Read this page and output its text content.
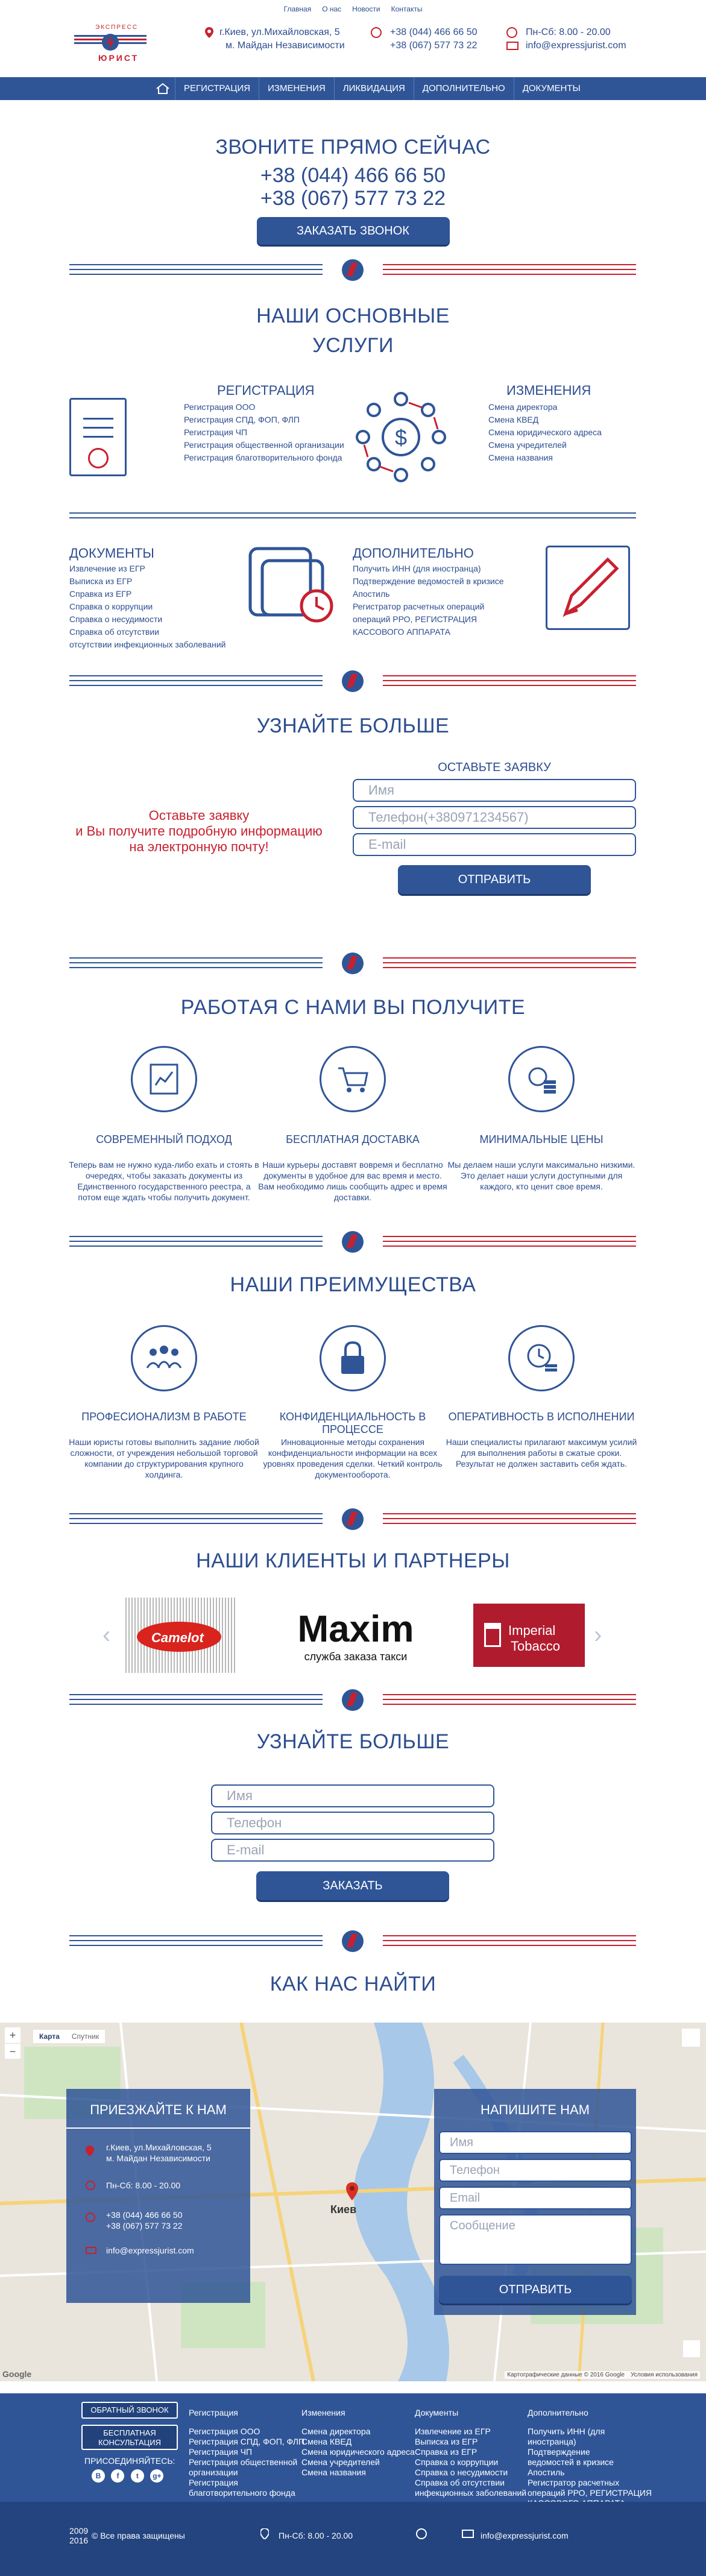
Главная О нас Новости Контакты
ЭКСПРЕСС
ЮРИСТ
г.Киев, ул.Михайловская, 5
м. Майдан Независимости
+38 (044) 466 66 50
+38 (067) 577 73 22
Пн-Сб: 8.00 - 20.00
info@expressjurist.com
РЕГИСТРАЦИЯ	ИЗМЕНЕНИЯ	ЛИКВИДАЦИЯ	ДОПОЛНИТЕЛЬНО	ДОКУМЕНТЫ
ЗВОНИТЕ ПРЯМО СЕЙЧАС
+38 (044) 466 66 50
+38 (067) 577 73 22
ЗАКАЗАТЬ ЗВОНОК
НАШИ ОСНОВНЫЕ
УСЛУГИ
РЕГИСТРАЦИЯ
Регистрация ООО
Регистрация СПД, ФОП, ФЛП
Регистрация ЧП
Регистрация общественной организации
Регистрация благотворительного фонда
$
ИЗМЕНЕНИЯ
Смена директора
Смена КВЕД
Смена юридического адреса
Смена учредителей
Смена названия
ДОКУМЕНТЫ
Извлечение из ЕГР
Выписка из ЕГР
Справка из ЕГР
Справка о коррупции
Справка о несудимости
Справка об отсутствии
отсутствии инфекционных заболеваний
ДОПОЛНИТЕЛЬНО
Получить ИНН (для иностранца)
Подтверждение ведомостей в кризисе
Апостиль
Регистратор расчетных операций
операций РРО, РЕГИСТРАЦИЯ
КАССОВОГО АППАРАТА
УЗНАЙТЕ БОЛЬШЕ
Оставьте заявку
и Вы получите подробную информацию
на электронную почту!
ОСТАВЬТЕ ЗАЯВКУ
Имя
Телефон(+380971234567)
E-mail
ОТПРАВИТЬ
РАБОТАЯ С НАМИ ВЫ ПОЛУЧИТЕ
СОВРЕМЕННЫЙ ПОДХОД	БЕСПЛАТНАЯ ДОСТАВКА	МИНИМАЛЬНЫЕ ЦЕНЫ
Теперь вам не нужно куда-либо ехать и стоять в очередях, чтобы заказать документы из Единственного государственного реестра, а потом еще ждать чтобы получить документ.
Наши курьеры доставят вовремя и бесплатно документы в удобное для вас время и место. Вам необходимо лишь сообщить адрес и время доставки.
Мы делаем наши услуги максимально низкими. Это делает наши услуги доступными для каждого, кто ценит свое время.
НАШИ ПРЕИМУЩЕСТВА
ПРОФЕСИОНАЛИЗМ В РАБОТЕ	КОНФИДЕНЦИАЛЬНОСТЬ В ПРОЦЕССЕ
ОПЕРАТИВНОСТЬ В ИСПОЛНЕНИИ
Наши юристы готовы выполнить задание любой сложности, от учреждения небольшой торговой компании до структурирования крупного холдинга.
Инновационные методы сохранения конфиденциальности информации на всех уровнях проведения сделки. Четкий контроль документооборота.
Наши специалисты прилагают максимум усилий для выполнения работы в сжатые сроки. Результат не должен заставить себя ждать.
НАШИ КЛИЕНТЫ И ПАРТНЕРЫ
‹	›
Camelot	Maxim
служба заказа такси
Imperial
Tobacco
УЗНАЙТЕ БОЛЬШЕ
Имя
Телефон
E-mail
ЗАКАЗАТЬ
КАК НАС НАЙТИ
+
−
Карта	Спутник
Киев
Google	Картографические данные © 2016 Google Условия использования
ПРИЕЗЖАЙТЕ К НАМ
г.Киев, ул.Михайловская, 5
м. Майдан Независимости
Пн-Сб: 8.00 - 20.00
+38 (044) 466 66 50
+38 (067) 577 73 22
info@expressjurist.com
НАПИШИТЕ НАМ
Имя
Телефон
Email
Сообщение
ОТПРАВИТЬ
ОБРАТНЫЙ ЗВОНОК
БЕСПЛАТНАЯ
КОНСУЛЬТАЦИЯ
ПРИСОЕДИНЯЙТЕСЬ:
В f t g+
Регистрация
Регистрация ООО
Регистрация СПД, ФОП, ФЛП
Регистрация ЧП
Регистрация общественной
организации
Регистрация
благотворительного фонда
Изменения
Смена директора
Смена КВЕД
Смена юридического адреса
Смена учредителей
Смена названия
Документы
Извлечение из ЕГР
Выписка из ЕГР
Справка из ЕГР
Справка о коррупции
Справка о несудимости
Справка об отсутствии
инфекционных заболеваний
Дополнительно
Получить ИНН (для
иностранца)
Подтверждение
ведомостей в кризисе
Апостиль
Регистратор расчетных
операций РРО, РЕГИСТРАЦИЯ
2009
2016 © Все права защищены	Пн-Сб: 8.00 - 20.00	info@expressjurist.com
